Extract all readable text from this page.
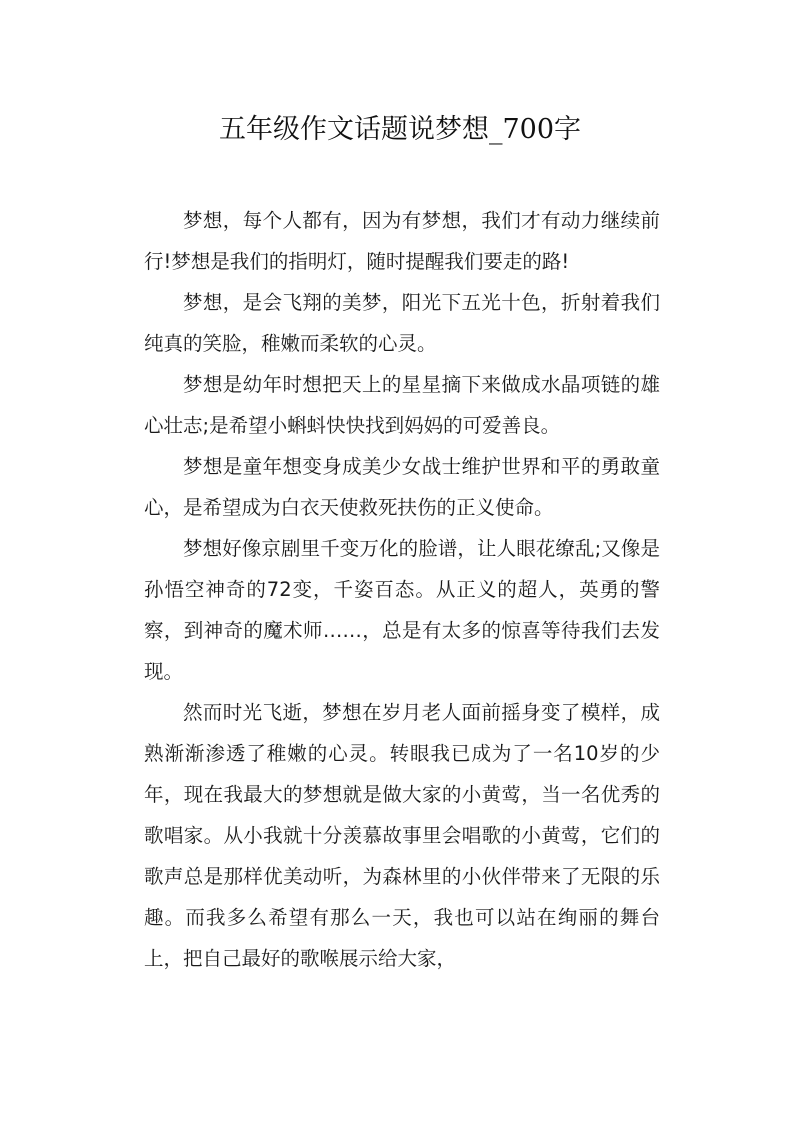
五年级作文话题说梦想_700字

梦想，每个人都有，因为有梦想，我们才有动力继续前行!梦想是我们的指明灯，随时提醒我们要走的路!

梦想，是会飞翔的美梦，阳光下五光十色，折射着我们纯真的笑脸，稚嫩而柔软的心灵。

梦想是幼年时想把天上的星星摘下来做成水晶项链的雄心壮志;是希望小蝌蚪快快找到妈妈的可爱善良。

梦想是童年想变身成美少女战士维护世界和平的勇敢童心，是希望成为白衣天使救死扶伤的正义使命。

梦想好像京剧里千变万化的脸谱，让人眼花缭乱;又像是孙悟空神奇的72变，千姿百态。从正义的超人，英勇的警察，到神奇的魔术师……，总是有太多的惊喜等待我们去发现。

然而时光飞逝，梦想在岁月老人面前摇身变了模样，成熟渐渐渗透了稚嫩的心灵。转眼我已成为了一名10岁的少年，现在我最大的梦想就是做大家的小黄莺，当一名优秀的歌唱家。从小我就十分羡慕故事里会唱歌的小黄莺，它们的歌声总是那样优美动听，为森林里的小伙伴带来了无限的乐趣。而我多么希望有那么一天，我也可以站在绚丽的舞台上，把自己最好的歌喉展示给大家，
